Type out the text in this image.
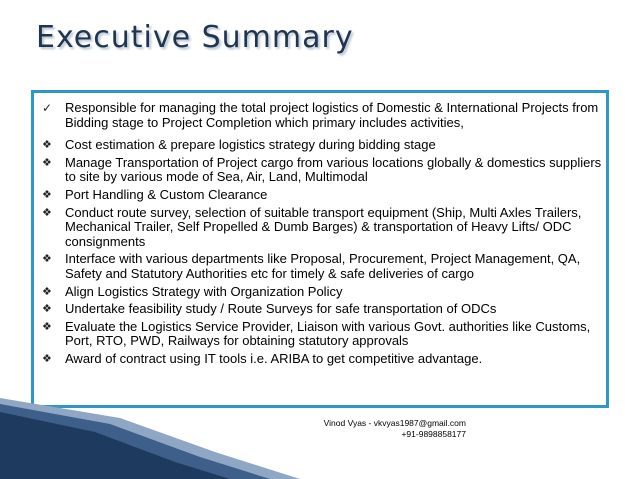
Executive Summary
✓ Responsible for managing the total project logistics of Domestic & International Projects from Bidding stage to Project Completion which primary includes activities,
❖ Cost estimation & prepare logistics strategy during bidding stage
❖ Manage Transportation of Project cargo from various locations globally & domestics suppliers to site by various mode of Sea, Air, Land, Multimodal
❖ Port Handling & Custom Clearance
❖ Conduct route survey, selection of suitable transport equipment (Ship, Multi Axles Trailers, Mechanical Trailer, Self Propelled & Dumb Barges) & transportation of Heavy Lifts/ ODC consignments
❖ Interface with various departments like Proposal, Procurement, Project Management, QA, Safety and Statutory Authorities etc for timely & safe deliveries of cargo
❖ Align Logistics Strategy with Organization Policy
❖ Undertake feasibility study / Route Surveys for safe transportation of ODCs
❖ Evaluate the Logistics Service Provider, Liaison with various Govt. authorities like Customs, Port, RTO, PWD, Railways for obtaining statutory approvals
❖ Award of contract using IT tools i.e. ARIBA to get competitive advantage.
Vinod Vyas - vkvyas1987@gmail.com
+91-9898858177
